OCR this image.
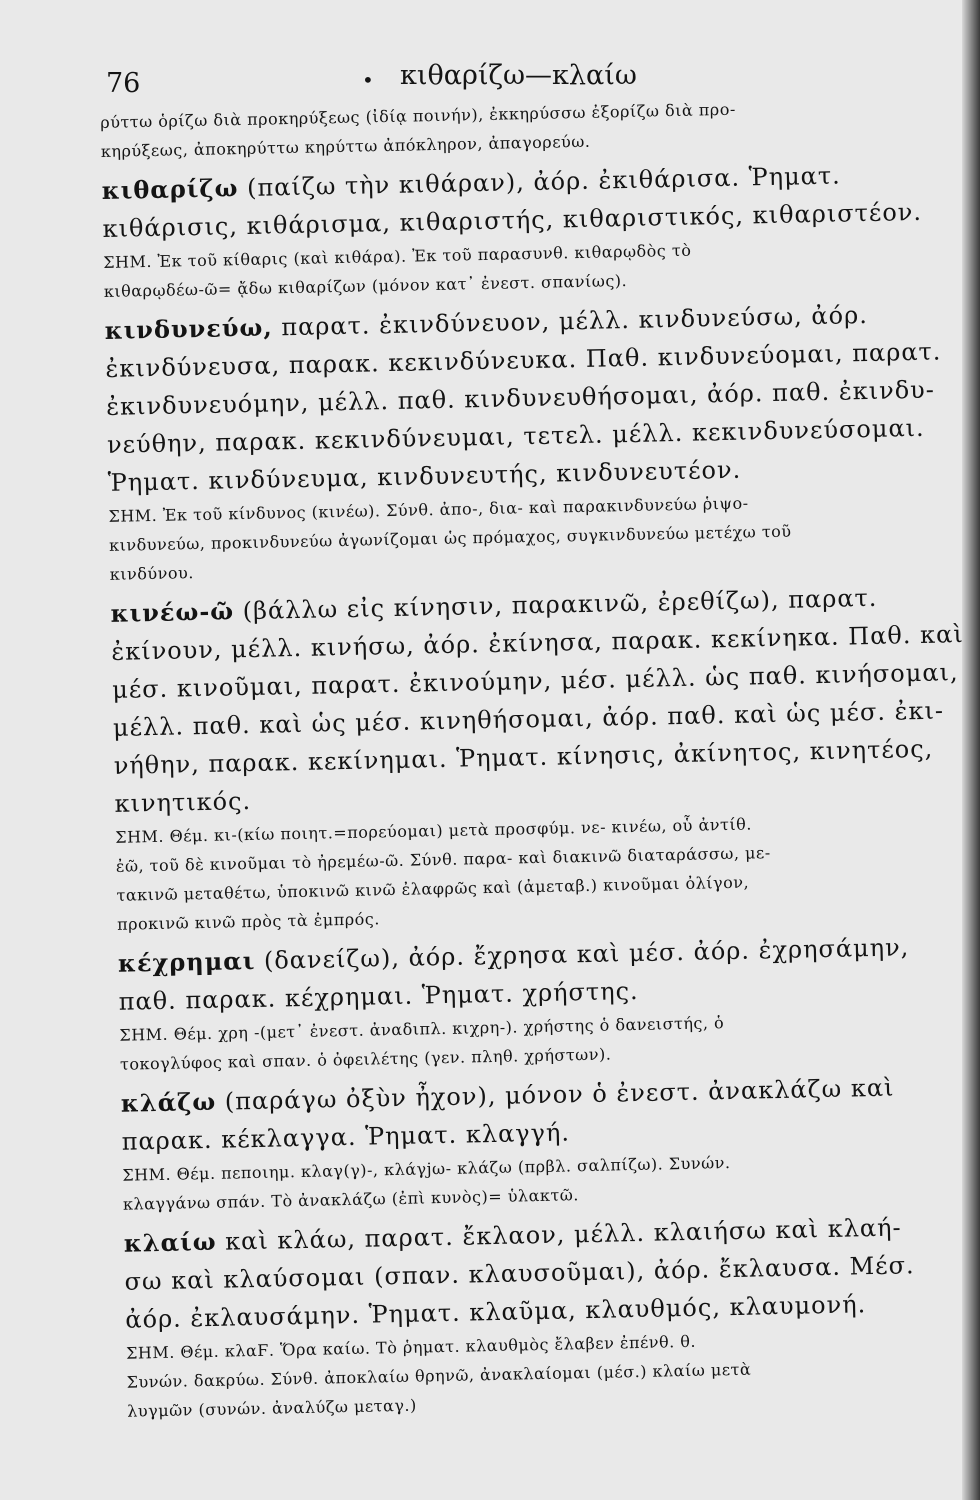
76	• κιθαρίζω—κλαίω
ρύττω ὁρίζω διὰ προκηρύξεως (ἰδίᾳ ποινήν), ἐκκηρύσσω ἐξορίζω διὰ προ-
κηρύξεως, ἀποκηρύττω κηρύττω ἀπόκληρον, ἀπαγορεύω.
κιθαρίζω (παίζω τὴν κιθάραν), ἀόρ. ἐκιθάρισα. Ῥηματ.
κιθάρισις, κιθάρισμα, κιθαριστής, κιθαριστικός, κιθαριστέον.
ΣΗΜ. Ἐκ τοῦ κίθαρις (καὶ κιθάρα). Ἐκ τοῦ παρασυνθ. κιθαρῳδὸς τὸ
κιθαρῳδέω-ῶ= ᾄδω κιθαρίζων (μόνον κατ᾽ ἐνεστ. σπανίως).
κινδυνεύω, παρατ. ἐκινδύνευον, μέλλ. κινδυνεύσω, ἀόρ.
ἐκινδύνευσα, παρακ. κεκινδύνευκα. Παθ. κινδυνεύομαι, παρατ.
ἐκινδυνευόμην, μέλλ. παθ. κινδυνευθήσομαι, ἀόρ. παθ. ἐκινδυ-
νεύθην, παρακ. κεκινδύνευμαι, τετελ. μέλλ. κεκινδυνεύσομαι.
Ῥηματ. κινδύνευμα, κινδυνευτής, κινδυνευτέον.
ΣΗΜ. Ἐκ τοῦ κίνδυνος (κινέω). Σύνθ. ἀπο-, δια- καὶ παρακινδυνεύω ῥιψο-
κινδυνεύω, προκινδυνεύω ἀγωνίζομαι ὡς πρόμαχος, συγκινδυνεύω μετέχω τοῦ
κινδύνου.
κινέω-ῶ (βάλλω εἰς κίνησιν, παρακινῶ, ἐρεθίζω), παρατ.
ἐκίνουν, μέλλ. κινήσω, ἀόρ. ἐκίνησα, παρακ. κεκίνηκα. Παθ. καὶ
μέσ. κινοῦμαι, παρατ. ἐκινούμην, μέσ. μέλλ. ὡς παθ. κινήσομαι,
μέλλ. παθ. καὶ ὡς μέσ. κινηθήσομαι, ἀόρ. παθ. καὶ ὡς μέσ. ἐκι-
νήθην, παρακ. κεκίνημαι. Ῥηματ. κίνησις, ἀκίνητος, κινητέος,
κινητικός.
ΣΗΜ. Θέμ. κι-(κίω ποιητ.=πορεύομαι) μετὰ προσφύμ. νε- κινέω, οὗ ἀντίθ.
ἐῶ, τοῦ δὲ κινοῦμαι τὸ ἠρεμέω-ῶ. Σύνθ. παρα- καὶ διακινῶ διαταράσσω, με-
τακινῶ μεταθέτω, ὑποκινῶ κινῶ ἐλαφρῶς καὶ (ἀμεταβ.) κινοῦμαι ὀλίγον,
προκινῶ κινῶ πρὸς τὰ ἐμπρός.
κέχρημαι (δανείζω), ἀόρ. ἔχρησα καὶ μέσ. ἀόρ. ἐχρησάμην,
παθ. παρακ. κέχρημαι. Ῥηματ. χρήστης.
ΣΗΜ. Θέμ. χρη -(μετ᾽ ἐνεστ. ἀναδιπλ. κιχρη-). χρήστης ὁ δανειστής, ὁ
τοκογλύφος καὶ σπαν. ὁ ὀφειλέτης (γεν. πληθ. χρήστων).
κλάζω (παράγω ὀξὺν ἦχον), μόνον ὁ ἐνεστ. ἀνακλάζω καὶ
παρακ. κέκλαγγα. Ῥηματ. κλαγγή.
ΣΗΜ. Θέμ. πεποιημ. κλαγ(γ)-, κλάγjω- κλάζω (πρβλ. σαλπίζω). Συνών.
κλαγγάνω σπάν. Τὸ ἀνακλάζω (ἐπὶ κυνὸς)= ὑλακτῶ.
κλαίω καὶ κλάω, παρατ. ἔκλαον, μέλλ. κλαιήσω καὶ κλαή-
σω καὶ κλαύσομαι (σπαν. κλαυσοῦμαι), ἀόρ. ἔκλαυσα. Μέσ.
ἀόρ. ἐκλαυσάμην. Ῥηματ. κλαῦμα, κλαυθμός, κλαυμονή.
ΣΗΜ. Θέμ. κλαϜ. Ὅρα καίω. Τὸ ῥηματ. κλαυθμὸς ἔλαβεν ἐπένθ. θ.
Συνών. δακρύω. Σύνθ. ἀποκλαίω θρηνῶ, ἀνακλαίομαι (μέσ.) κλαίω μετὰ
λυγμῶν (συνών. ἀναλύζω μεταγ.)
